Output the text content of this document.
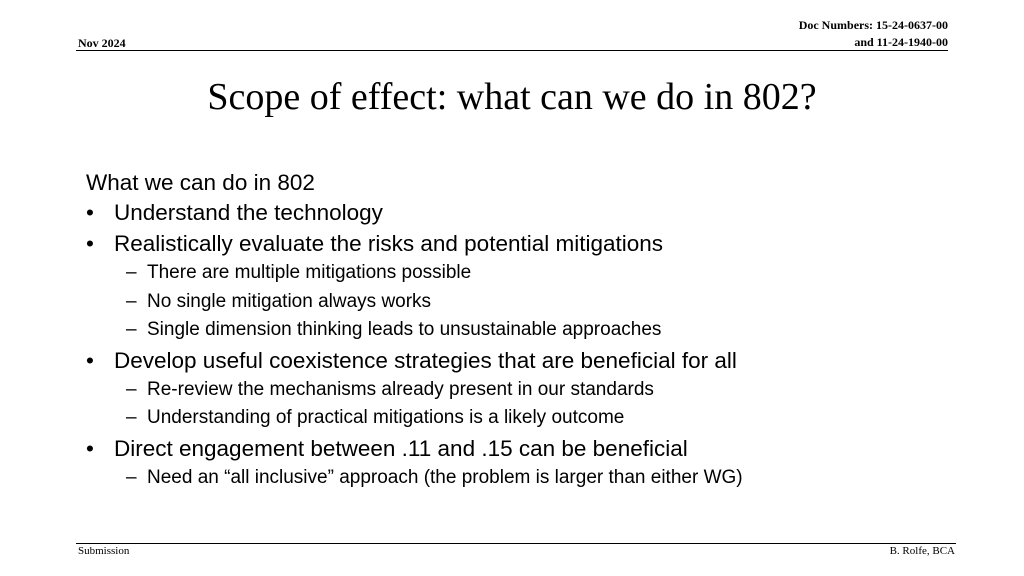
Nov 2024
Doc Numbers: 15-24-0637-00
and 11-24-1940-00
Scope of effect: what can we do in 802?
What we can do in 802
• Understand the technology
• Realistically evaluate the risks and potential mitigations
– There are multiple mitigations possible
– No single mitigation always works
– Single dimension thinking leads to unsustainable approaches
• Develop useful coexistence strategies that are beneficial for all
– Re-review the mechanisms already present in our standards
– Understanding of practical mitigations is a likely outcome
• Direct engagement between .11 and .15 can be beneficial
– Need an “all inclusive” approach (the problem is larger than either WG)
Submission	B. Rolfe, BCA
